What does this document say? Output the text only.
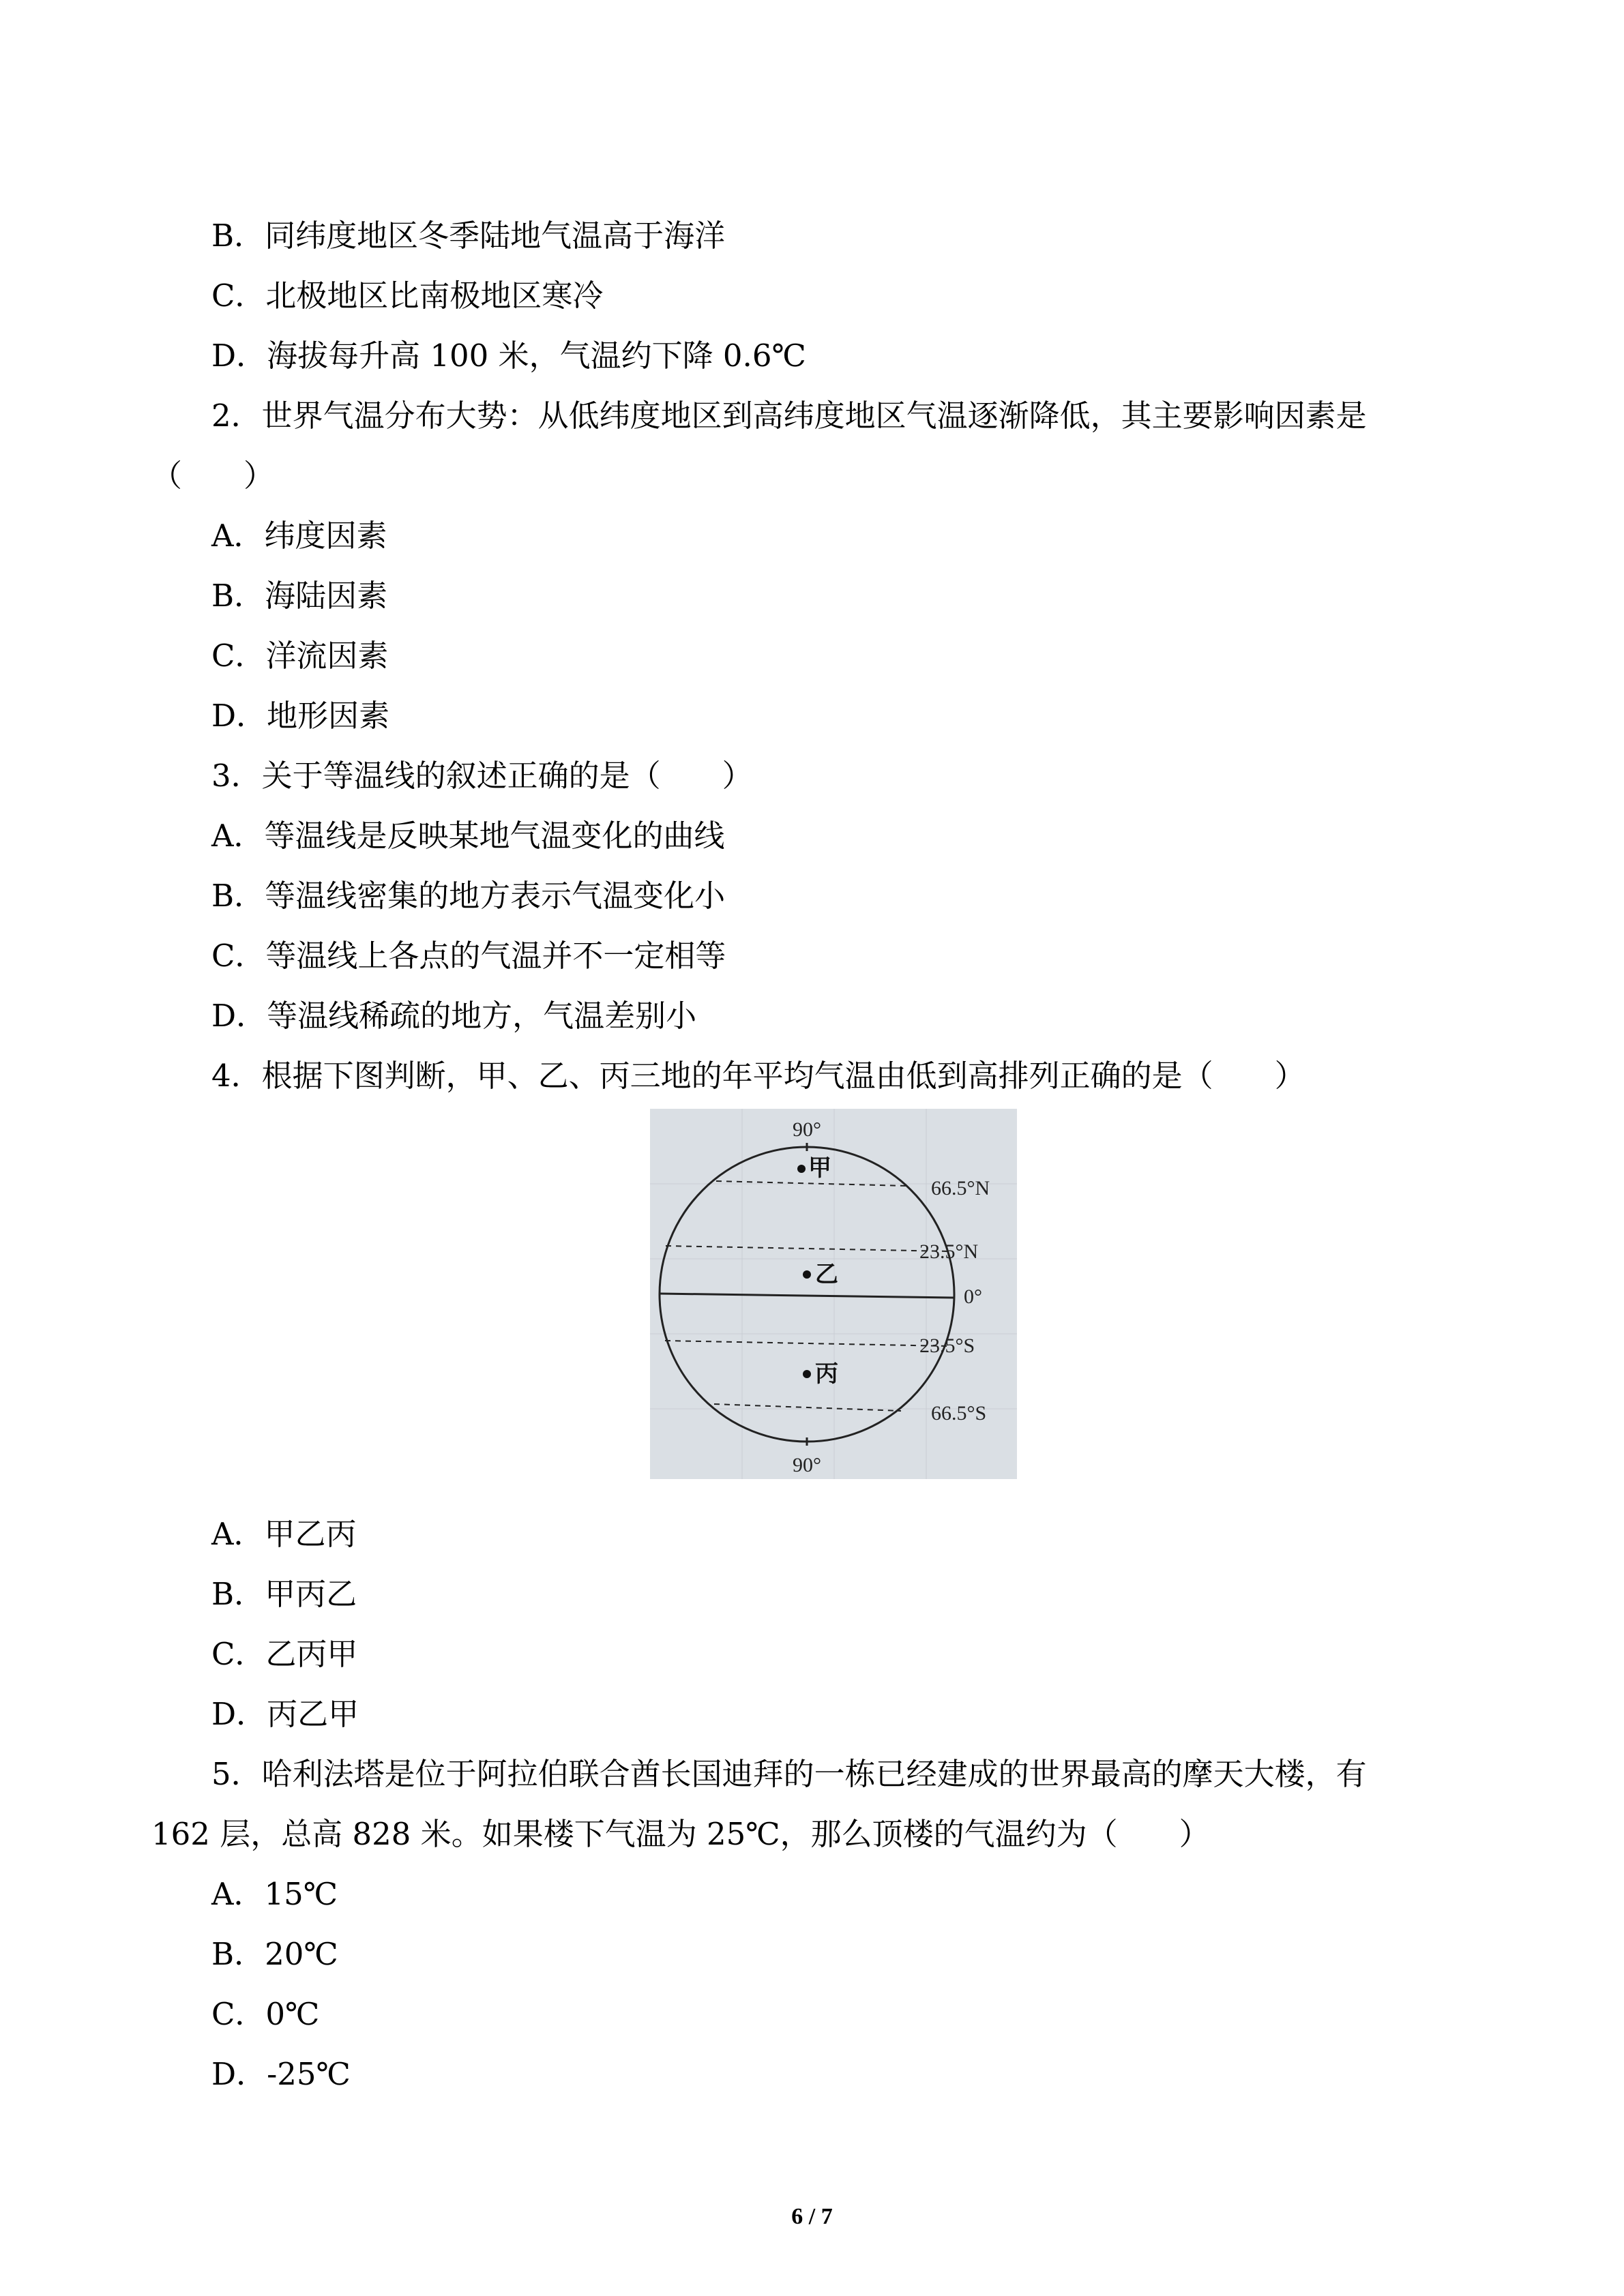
B．同纬度地区冬季陆地气温高于海洋
C．北极地区比南极地区寒冷
D．海拔每升高 100 米，气温约下降 0.6℃
2．世界气温分布大势：从低纬度地区到高纬度地区气温逐渐降低，其主要影响因素是
（　　）
A．纬度因素
B．海陆因素
C．洋流因素
D．地形因素
3．关于等温线的叙述正确的是（　　）
A．等温线是反映某地气温变化的曲线
B．等温线密集的地方表示气温变化小
C．等温线上各点的气温并不一定相等
D．等温线稀疏的地方，气温差别小
4．根据下图判断，甲、乙、丙三地的年平均气温由低到高排列正确的是（　　）
90°
90°
66.5°N
23.5°N
0°
23.5°S
66.5°S
甲
乙
丙
A．甲乙丙
B．甲丙乙
C．乙丙甲
D．丙乙甲
5．哈利法塔是位于阿拉伯联合酋长国迪拜的一栋已经建成的世界最高的摩天大楼，有
162 层，总高 828 米。如果楼下气温为 25℃，那么顶楼的气温约为（　　）
A．15℃
B．20℃
C．0℃
D．-25℃
6 / 7
